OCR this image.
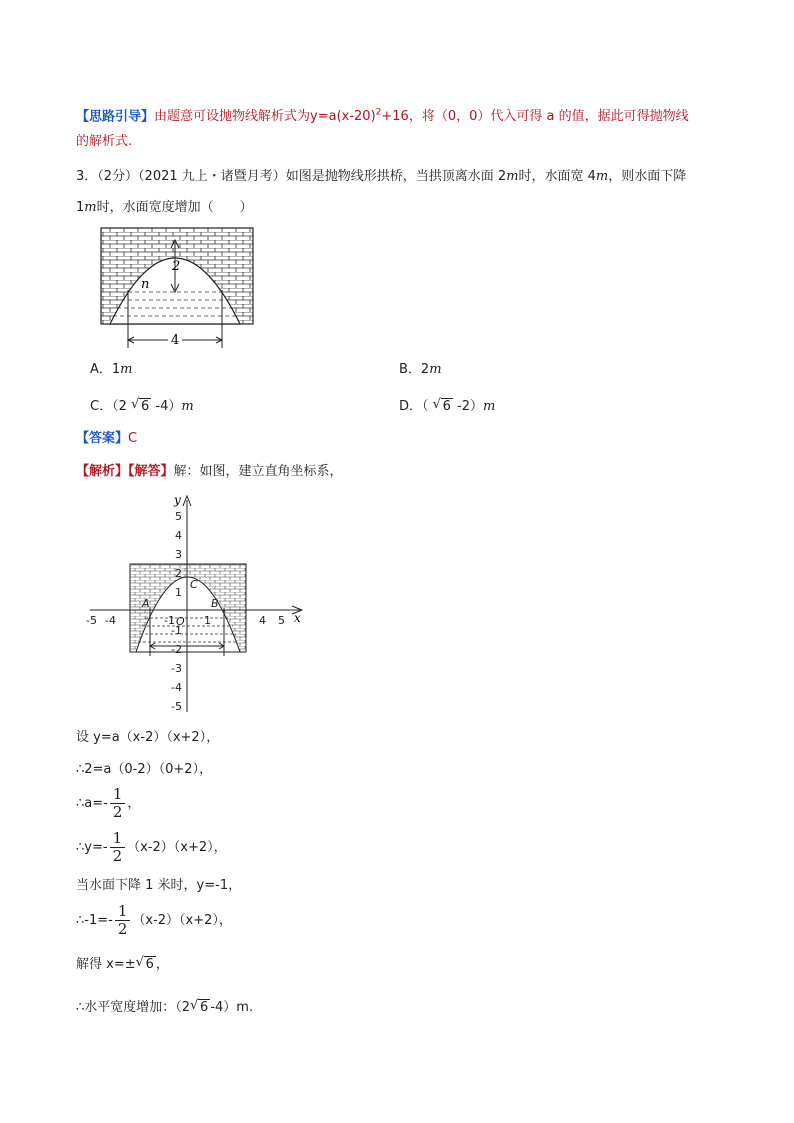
【思路引导】由题意可设抛物线解析式为$y=a(x-20)^2+16$，将（0，0）代入可得 a 的值，据此可得抛物线
的解析式.
3．（2分）（2021 九上・诸暨月考）如图是抛物线形拱桥，当拱顶离水面 2m时，水面宽 4m，则水面下降
1m时，水面宽度增加（　　）
2
n
4
A．1m	B．2m
C．（2 √ 6 -4）m	D．（ √ 6 -2）m
【答案】C
【解析】【解答】解：如图，建立直角坐标系，
y
x
5
4
3
2
1
-1
-2
-3
-4
-5
-5 -4	4 5
-1	1
O
A	B
C
设 y=a（x-2）（x+2），
∴2=a（0-2）（0+2），
∴a=- $\frac{1}{2}$ ，
∴y=- $\frac{1}{2} (x-2)(x+2)$，
当水面下降 1 米时，y=-1，
∴-1=- $\frac{1}{2} (x-2)(x+2)$，
解得 x=± √ 6 ，
∴水平宽度增加：（2 √ 6 -4）m.
